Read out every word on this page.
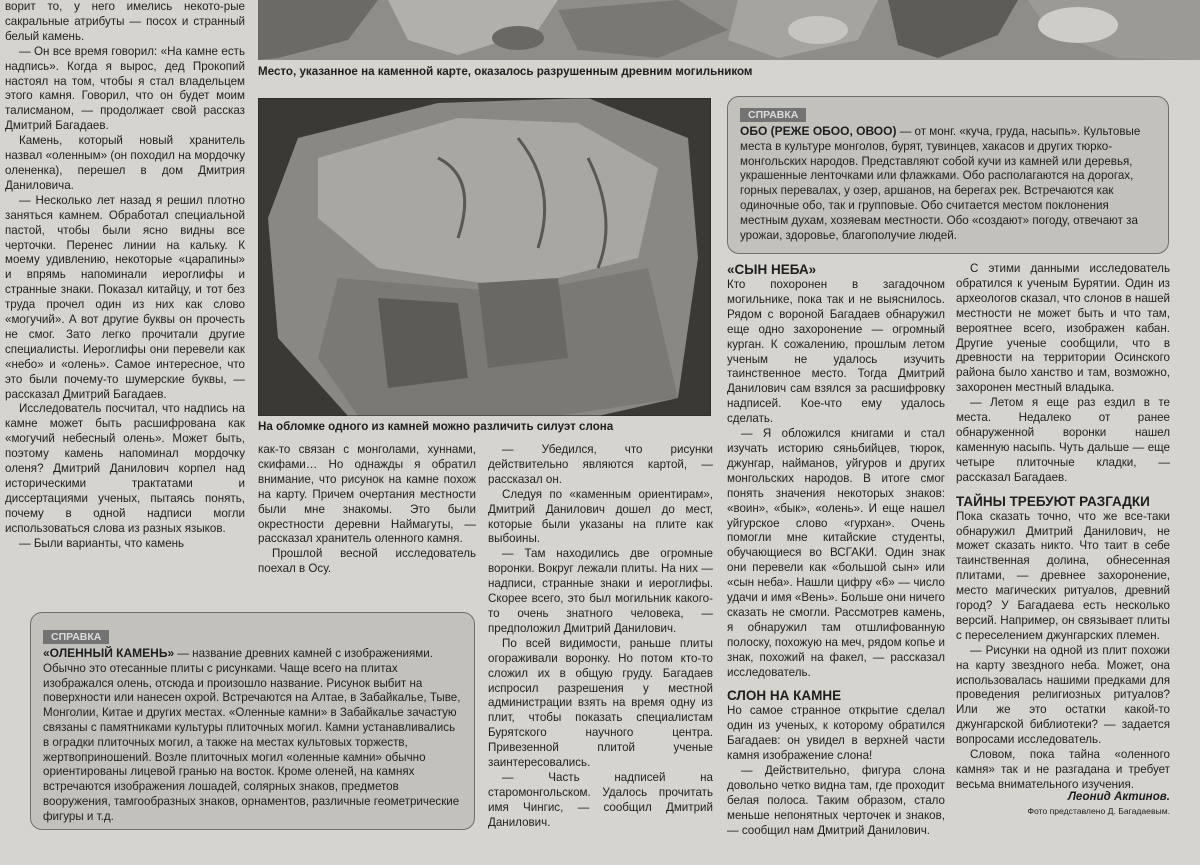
Место, указанное на каменной карте, оказалось разрушенным древним могильником
На обломке одного из камней можно различить силуэт слона

ворит то, у него имелись некото-рые сакральные атрибуты — посох и странный белый камень.

— Он все время говорил: «На камне есть надпись». Когда я вырос, дед Прокопий настоял на том, чтобы я стал владельцем этого камня. Говорил, что он будет моим талисманом, — продолжает свой рассказ Дмитрий Багадаев.

Камень, который новый хранитель назвал «оленным» (он походил на мордочку олененка), перешел в дом Дмитрия Даниловича.

— Несколько лет назад я решил плотно заняться камнем. Обработал специальной пастой, чтобы были ясно видны все черточки. Перенес линии на кальку. К моему удивлению, некоторые «царапины» и впрямь напоминали иероглифы и странные знаки. Показал китайцу, и тот без труда прочел один из них как слово «могучий». А вот другие буквы он прочесть не смог. Зато легко прочитали другие специалисты. Иероглифы они перевели как «небо» и «олень». Самое интересное, что это были почему-то шумерские буквы, — рассказал Дмитрий Багадаев.

Исследователь посчитал, что надпись на камне может быть расшифрована как «могучий небесный олень». Может быть, поэтому камень напоминал мордочку оленя? Дмитрий Данилович корпел над историческими трактатами и диссертациями ученых, пытаясь понять, почему в одной надписи могли использоваться слова из разных языков.

— Были варианты, что камень

как-то связан с монголами, хуннами, скифами… Но однажды я обратил внимание, что рисунок на камне похож на карту. Причем очертания местности были мне знакомы. Это были окрестности деревни Наймагуты, — рассказал хранитель оленного камня.

Прошлой весной исследователь поехал в Осу.

— Убедился, что рисунки действительно являются картой, — рассказал он.

Следуя по «каменным ориентирам», Дмитрий Данилович дошел до мест, которые были указаны на плите как выбоины.

— Там находились две огромные воронки. Вокруг лежали плиты. На них — надписи, странные знаки и иероглифы. Скорее всего, это был могильник какого-то очень знатного человека, — предположил Дмитрий Данилович.

По всей видимости, раньше плиты огораживали воронку. Но потом кто-то сложил их в общую груду. Багадаев испросил разрешения у местной администрации взять на время одну из плит, чтобы показать специалистам Бурятского научного центра. Привезенной плитой ученые заинтересовались.

— Часть надписей на старомонгольском. Удалось прочитать имя Чингис, — сообщил Дмитрий Данилович.

СПРАВКА
«ОЛЕННЫЙ КАМЕНЬ» — название древних камней с изображениями. Обычно это отесанные плиты с рисунками. Чаще всего на плитах изображался олень, отсюда и произошло название. Рисунок выбит на поверхности или нанесен охрой. Встречаются на Алтае, в Забайкалье, Тыве, Монголии, Китае и других местах. «Оленные камни» в Забайкалье зачастую связаны с памятниками культуры плиточных могил. Камни устанавливались в оградки плиточных могил, а также на местах культовых торжеств, жертвоприношений. Возле плиточных могил «оленные камни» обычно ориентированы лицевой гранью на восток. Кроме оленей, на камнях встречаются изображения лошадей, солярных знаков, предметов вооружения, тамгообразных знаков, орнаментов, различные геометрические фигуры и т.д.
СПРАВКА
ОБО (РЕЖЕ ОБОО, ОВОО) — от монг. «куча, груда, насыпь». Культовые места в культуре монголов, бурят, тувинцев, хакасов и других тюрко-монгольских народов. Представляют собой кучи из камней или деревья, украшенные ленточками или флажками. Обо располагаются на дорогах, горных перевалах, у озер, аршанов, на берегах рек. Встречаются как одиночные обо, так и групповые. Обо считается местом поклонения местным духам, хозяевам местности. Обо «создают» погоду, отвечают за урожаи, здоровье, благополучие людей.
«СЫН НЕБА»

Кто похоронен в загадочном могильнике, пока так и не выяснилось. Рядом с вороной Багадаев обнаружил еще одно захоронение — огромный курган. К сожалению, прошлым летом ученым не удалось изучить таинственное место. Тогда Дмитрий Данилович сам взялся за расшифровку надписей. Кое-что ему удалось сделать.

— Я обложился книгами и стал изучать историю сяньбийцев, тюрок, джунгар, найманов, уйгуров и других монгольских народов. В итоге смог понять значения некоторых знаков: «воин», «бык», «олень». И еще нашел уйгурское слово «гурхан». Очень помогли мне китайские студенты, обучающиеся во ВСГАКИ. Один знак они перевели как «большой сын» или «сын неба». Нашли цифру «6» — число удачи и имя «Вень». Больше они ничего сказать не смогли. Рассмотрев камень, я обнаружил там отшлифованную полоску, похожую на меч, рядом копье и знак, похожий на факел, — рассказал исследователь.

СЛОН НА КАМНЕ

Но самое странное открытие сделал один из ученых, к которому обратился Багадаев: он увидел в верхней части камня изображение слона!

— Действительно, фигура слона довольно четко видна там, где проходит белая полоса. Таким образом, стало меньше непонятных черточек и знаков, — сообщил нам Дмитрий Данилович.

С этими данными исследователь обратился к ученым Бурятии. Один из археологов сказал, что слонов в нашей местности не может быть и что там, вероятнее всего, изображен кабан. Другие ученые сообщили, что в древности на территории Осинского района было ханство и там, возможно, захоронен местный владыка.

— Летом я еще раз ездил в те места. Недалеко от ранее обнаруженной воронки нашел каменную насыпь. Чуть дальше — еще четыре плиточные кладки, — рассказал Багадаев.

ТАЙНЫ ТРЕБУЮТ РАЗГАДКИ

Пока сказать точно, что же все-таки обнаружил Дмитрий Данилович, не может сказать никто. Что таит в себе таинственная долина, обнесенная плитами, — древнее захоронение, место магических ритуалов, древний город? У Багадаева есть несколько версий. Например, он связывает плиты с переселением джунгарских племен.

— Рисунки на одной из плит похожи на карту звездного неба. Может, она использовалась нашими предками для проведения религиозных ритуалов? Или же это остатки какой-то джунгарской библиотеки? — задается вопросами исследователь.

Словом, пока тайна «оленного камня» так и не разгадана и требует весьма внимательного изучения.

Леонид Актинов.
Фото представлено Д. Багадаевым.
